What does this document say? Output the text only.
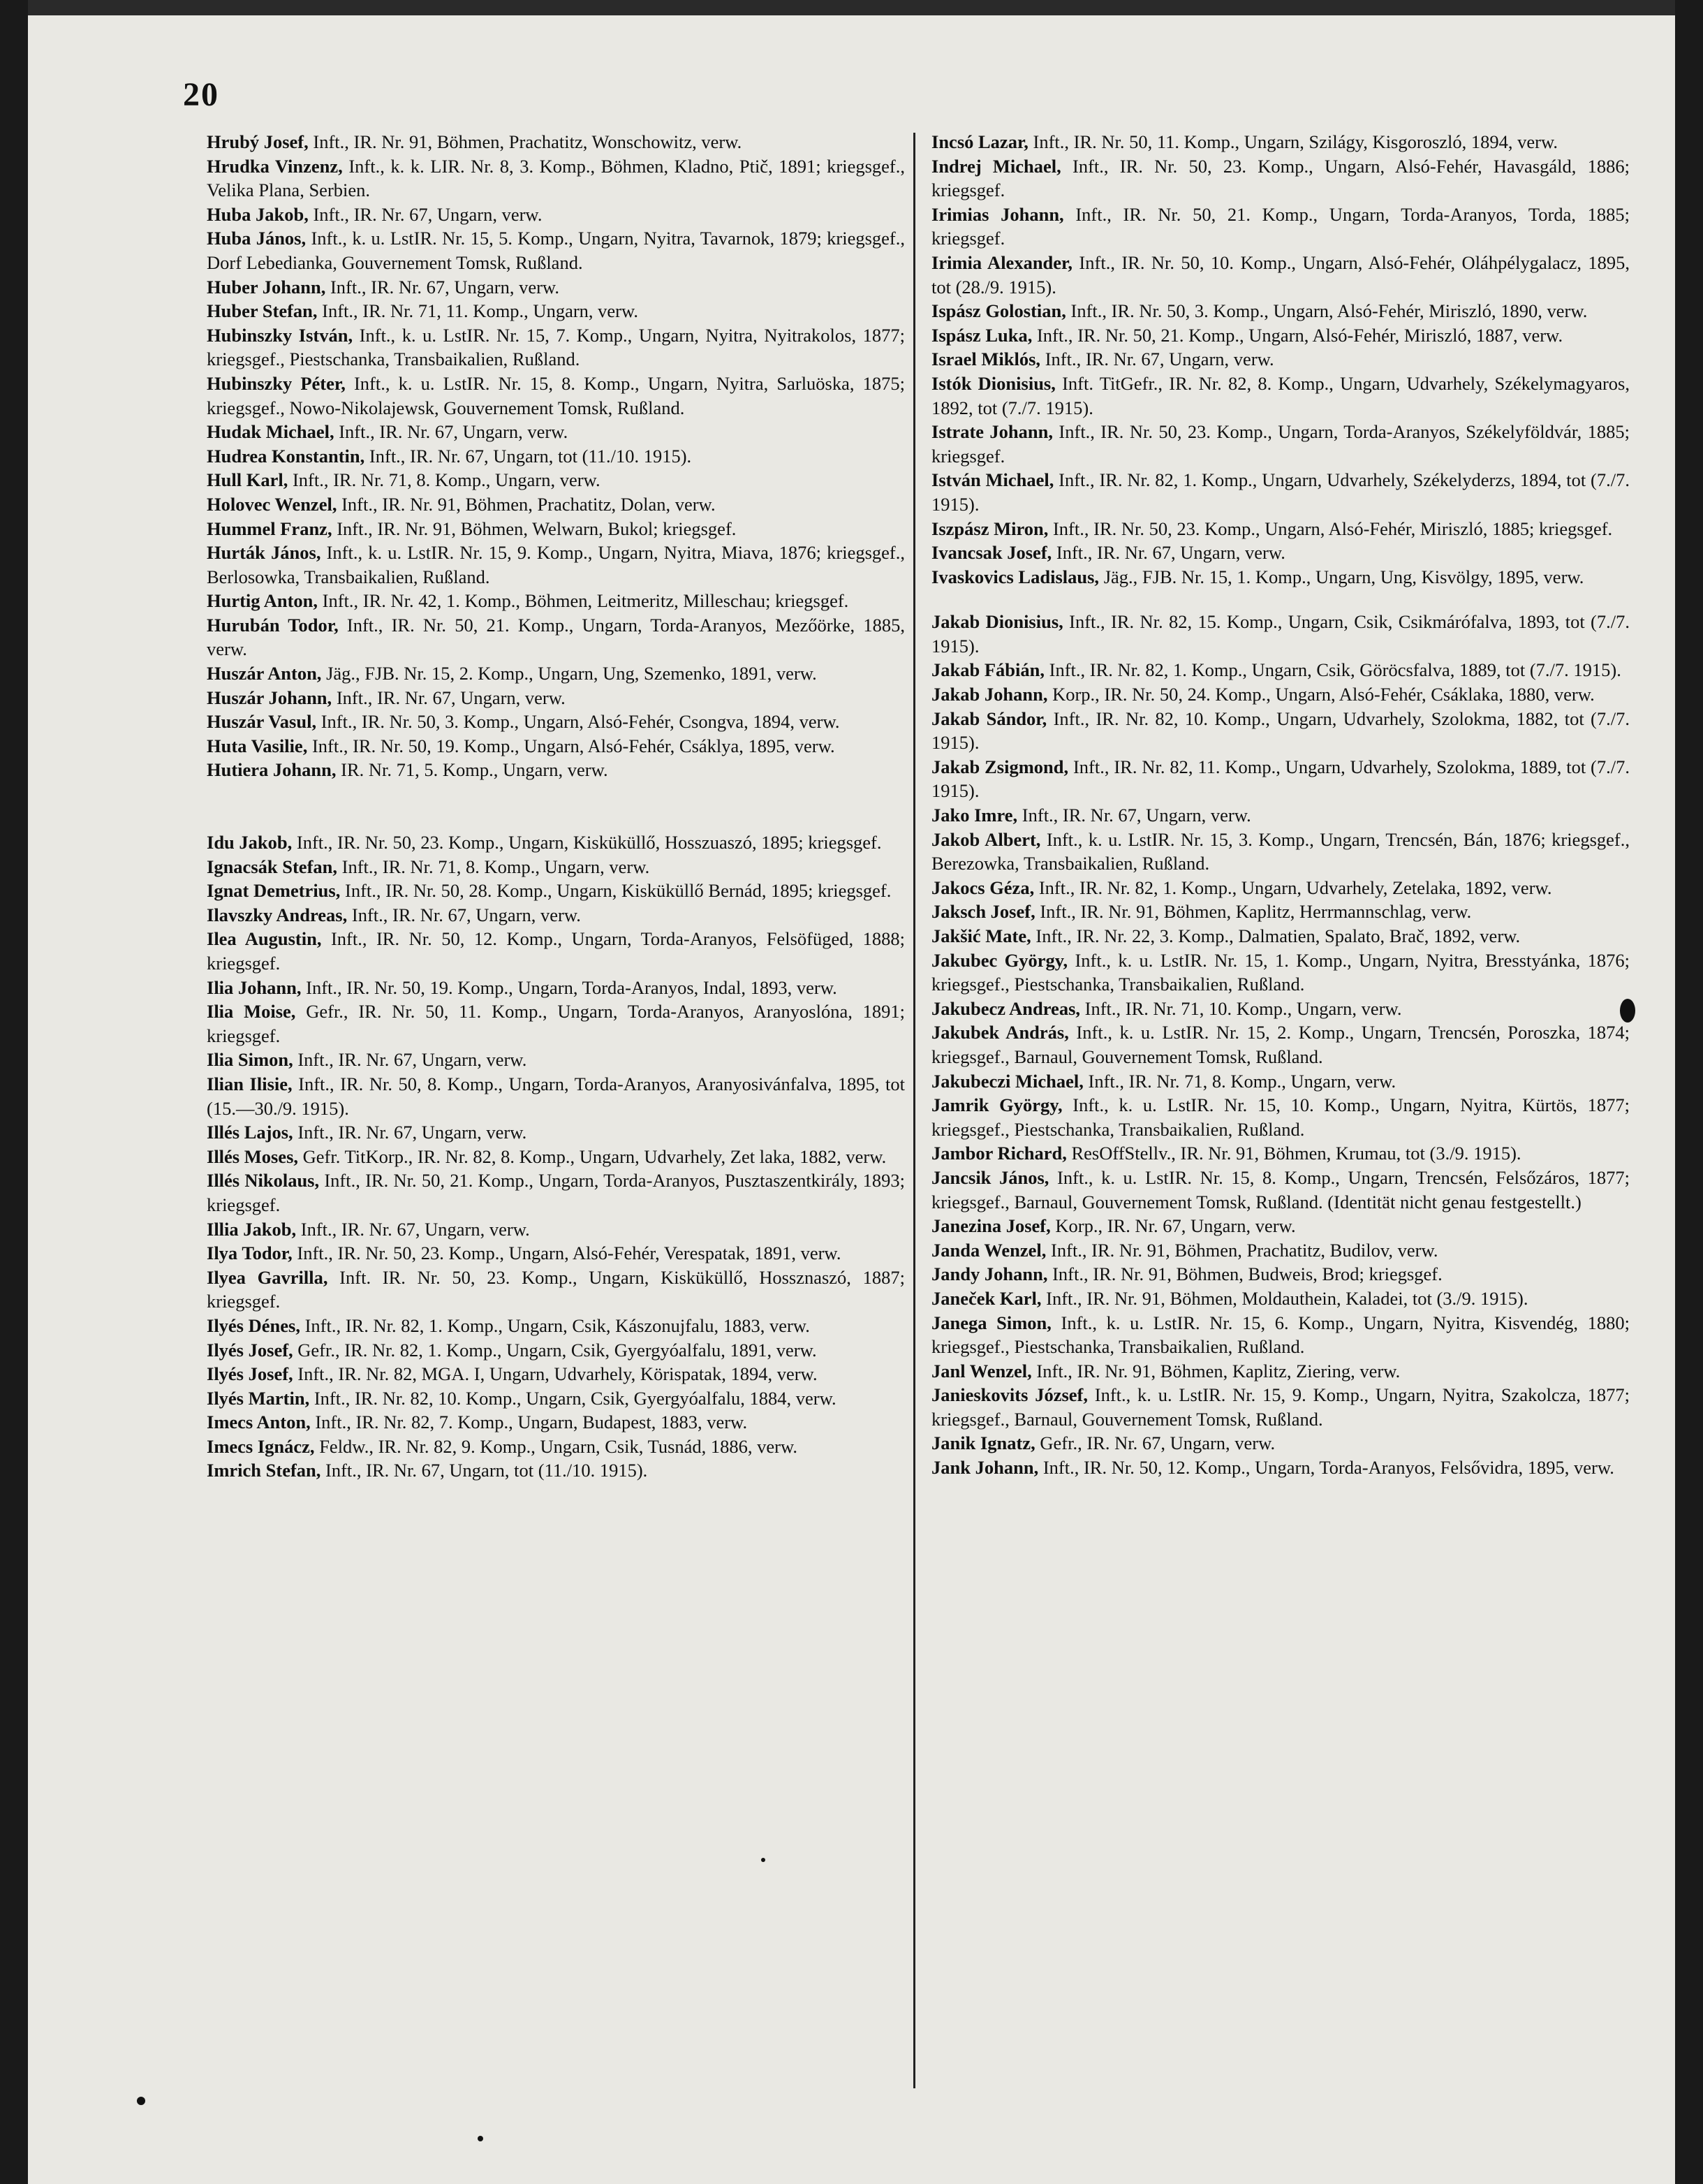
20

Hrubý Josef, Inft., IR. Nr. 91, Böhmen, Prachatitz, Wonschowitz, verw.

Hrudka Vinzenz, Inft., k. k. LIR. Nr. 8, 3. Komp., Böhmen, Kladno, Ptič, 1891; kriegsgef., Velika Plana, Serbien.

Huba Jakob, Inft., IR. Nr. 67, Ungarn, verw.

Huba János, Inft., k. u. LstIR. Nr. 15, 5. Komp., Ungarn, Nyitra, Tavarnok, 1879; kriegsgef., Dorf Lebedianka, Gouvernement Tomsk, Rußland.

Huber Johann, Inft., IR. Nr. 67, Ungarn, verw.

Huber Stefan, Inft., IR. Nr. 71, 11. Komp., Ungarn, verw.

Hubinszky István, Inft., k. u. LstIR. Nr. 15, 7. Komp., Ungarn, Nyitra, Nyitrakolos, 1877; kriegsgef., Piestschanka, Transbaikalien, Rußland.

Hubinszky Péter, Inft., k. u. LstIR. Nr. 15, 8. Komp., Ungarn, Nyitra, Sarluöska, 1875; kriegsgef., Nowo-Nikolajewsk, Gouvernement Tomsk, Rußland.

Hudak Michael, Inft., IR. Nr. 67, Ungarn, verw.

Hudrea Konstantin, Inft., IR. Nr. 67, Ungarn, tot (11./10. 1915).

Hull Karl, Inft., IR. Nr. 71, 8. Komp., Ungarn, verw.

Holovec Wenzel, Inft., IR. Nr. 91, Böhmen, Prachatitz, Dolan, verw.

Hummel Franz, Inft., IR. Nr. 91, Böhmen, Welwarn, Bukol; kriegsgef.

Hurták János, Inft., k. u. LstIR. Nr. 15, 9. Komp., Ungarn, Nyitra, Miava, 1876; kriegsgef., Berlosowka, Transbaikalien, Rußland.

Hurtig Anton, Inft., IR. Nr. 42, 1. Komp., Böhmen, Leitmeritz, Milleschau; kriegsgef.

Hurubán Todor, Inft., IR. Nr. 50, 21. Komp., Ungarn, Torda-Aranyos, Mezőörke, 1885, verw.

Huszár Anton, Jäg., FJB. Nr. 15, 2. Komp., Ungarn, Ung, Szemenko, 1891, verw.

Huszár Johann, Inft., IR. Nr. 67, Ungarn, verw.

Huszár Vasul, Inft., IR. Nr. 50, 3. Komp., Ungarn, Alsó-Fehér, Csongva, 1894, verw.

Huta Vasilie, Inft., IR. Nr. 50, 19. Komp., Ungarn, Alsó-Fehér, Csáklya, 1895, verw.

Hutiera Johann, IR. Nr. 71, 5. Komp., Ungarn, verw.

Idu Jakob, Inft., IR. Nr. 50, 23. Komp., Ungarn, Kisküküllő, Hosszuaszó, 1895; kriegsgef.

Ignacsák Stefan, Inft., IR. Nr. 71, 8. Komp., Ungarn, verw.

Ignat Demetrius, Inft., IR. Nr. 50, 28. Komp., Ungarn, Kisküküllő Bernád, 1895; kriegsgef.

Ilavszky Andreas, Inft., IR. Nr. 67, Ungarn, verw.

Ilea Augustin, Inft., IR. Nr. 50, 12. Komp., Ungarn, Torda-Aranyos, Felsöfüged, 1888; kriegsgef.

Ilia Johann, Inft., IR. Nr. 50, 19. Komp., Ungarn, Torda-Aranyos, Indal, 1893, verw.

Ilia Moise, Gefr., IR. Nr. 50, 11. Komp., Ungarn, Torda-Aranyos, Aranyoslóna, 1891; kriegsgef.

Ilia Simon, Inft., IR. Nr. 67, Ungarn, verw.

Ilian Ilisie, Inft., IR. Nr. 50, 8. Komp., Ungarn, Torda-Aranyos, Aranyosivánfalva, 1895, tot (15.—30./9. 1915).

Illés Lajos, Inft., IR. Nr. 67, Ungarn, verw.

Illés Moses, Gefr. TitKorp., IR. Nr. 82, 8. Komp., Ungarn, Udvarhely, Zet laka, 1882, verw.

Illés Nikolaus, Inft., IR. Nr. 50, 21. Komp., Ungarn, Torda-Aranyos, Pusztaszentkirály, 1893; kriegsgef.

Illia Jakob, Inft., IR. Nr. 67, Ungarn, verw.

Ilya Todor, Inft., IR. Nr. 50, 23. Komp., Ungarn, Alsó-Fehér, Verespatak, 1891, verw.

Ilyea Gavrilla, Inft. IR. Nr. 50, 23. Komp., Ungarn, Kisküküllő, Hossznaszó, 1887; kriegsgef.

Ilyés Dénes, Inft., IR. Nr. 82, 1. Komp., Ungarn, Csik, Kászonujfalu, 1883, verw.

Ilyés Josef, Gefr., IR. Nr. 82, 1. Komp., Ungarn, Csik, Gyergyóalfalu, 1891, verw.

Ilyés Josef, Inft., IR. Nr. 82, MGA. I, Ungarn, Udvarhely, Körispatak, 1894, verw.

Ilyés Martin, Inft., IR. Nr. 82, 10. Komp., Ungarn, Csik, Gyergyóalfalu, 1884, verw.

Imecs Anton, Inft., IR. Nr. 82, 7. Komp., Ungarn, Budapest, 1883, verw.

Imecs Ignácz, Feldw., IR. Nr. 82, 9. Komp., Ungarn, Csik, Tusnád, 1886, verw.

Imrich Stefan, Inft., IR. Nr. 67, Ungarn, tot (11./10. 1915).

Incsó Lazar, Inft., IR. Nr. 50, 11. Komp., Ungarn, Szilágy, Kisgoroszló, 1894, verw.

Indrej Michael, Inft., IR. Nr. 50, 23. Komp., Ungarn, Alsó-Fehér, Havasgáld, 1886; kriegsgef.

Irimias Johann, Inft., IR. Nr. 50, 21. Komp., Ungarn, Torda-Aranyos, Torda, 1885; kriegsgef.

Irimia Alexander, Inft., IR. Nr. 50, 10. Komp., Ungarn, Alsó-Fehér, Oláhpélygalacz, 1895, tot (28./9. 1915).

Ispász Golostian, Inft., IR. Nr. 50, 3. Komp., Ungarn, Alsó-Fehér, Miriszló, 1890, verw.

Ispász Luka, Inft., IR. Nr. 50, 21. Komp., Ungarn, Alsó-Fehér, Miriszló, 1887, verw.

Israel Miklós, Inft., IR. Nr. 67, Ungarn, verw.

Istók Dionisius, Inft. TitGefr., IR. Nr. 82, 8. Komp., Ungarn, Udvarhely, Székelymagyaros, 1892, tot (7./7. 1915).

Istrate Johann, Inft., IR. Nr. 50, 23. Komp., Ungarn, Torda-Aranyos, Székelyföldvár, 1885; kriegsgef.

István Michael, Inft., IR. Nr. 82, 1. Komp., Ungarn, Udvarhely, Székelyderzs, 1894, tot (7./7. 1915).

Iszpász Miron, Inft., IR. Nr. 50, 23. Komp., Ungarn, Alsó-Fehér, Miriszló, 1885; kriegsgef.

Ivancsak Josef, Inft., IR. Nr. 67, Ungarn, verw.

Ivaskovics Ladislaus, Jäg., FJB. Nr. 15, 1. Komp., Ungarn, Ung, Kisvölgy, 1895, verw.

Jakab Dionisius, Inft., IR. Nr. 82, 15. Komp., Ungarn, Csik, Csikmárófalva, 1893, tot (7./7. 1915).

Jakab Fábián, Inft., IR. Nr. 82, 1. Komp., Ungarn, Csik, Göröcsfalva, 1889, tot (7./7. 1915).

Jakab Johann, Korp., IR. Nr. 50, 24. Komp., Ungarn, Alsó-Fehér, Csáklaka, 1880, verw.

Jakab Sándor, Inft., IR. Nr. 82, 10. Komp., Ungarn, Udvarhely, Szolokma, 1882, tot (7./7. 1915).

Jakab Zsigmond, Inft., IR. Nr. 82, 11. Komp., Ungarn, Udvarhely, Szolokma, 1889, tot (7./7. 1915).

Jako Imre, Inft., IR. Nr. 67, Ungarn, verw.

Jakob Albert, Inft., k. u. LstIR. Nr. 15, 3. Komp., Ungarn, Trencsén, Bán, 1876; kriegsgef., Berezowka, Transbaikalien, Rußland.

Jakocs Géza, Inft., IR. Nr. 82, 1. Komp., Ungarn, Udvarhely, Zetelaka, 1892, verw.

Jaksch Josef, Inft., IR. Nr. 91, Böhmen, Kaplitz, Herrmannschlag, verw.

Jakšić Mate, Inft., IR. Nr. 22, 3. Komp., Dalmatien, Spalato, Brač, 1892, verw.

Jakubec György, Inft., k. u. LstIR. Nr. 15, 1. Komp., Ungarn, Nyitra, Bresstyánka, 1876; kriegsgef., Piestschanka, Transbaikalien, Rußland.

Jakubecz Andreas, Inft., IR. Nr. 71, 10. Komp., Ungarn, verw.

Jakubek András, Inft., k. u. LstIR. Nr. 15, 2. Komp., Ungarn, Trencsén, Poroszka, 1874; kriegsgef., Barnaul, Gouvernement Tomsk, Rußland.

Jakubeczi Michael, Inft., IR. Nr. 71, 8. Komp., Ungarn, verw.

Jamrik György, Inft., k. u. LstIR. Nr. 15, 10. Komp., Ungarn, Nyitra, Kürtös, 1877; kriegsgef., Piestschanka, Transbaikalien, Rußland.

Jambor Richard, ResOffStellv., IR. Nr. 91, Böhmen, Krumau, tot (3./9. 1915).

Jancsik János, Inft., k. u. LstIR. Nr. 15, 8. Komp., Ungarn, Trencsén, Felsőzáros, 1877; kriegsgef., Barnaul, Gouvernement Tomsk, Rußland. (Identität nicht genau festgestellt.)

Janezina Josef, Korp., IR. Nr. 67, Ungarn, verw.

Janda Wenzel, Inft., IR. Nr. 91, Böhmen, Prachatitz, Budilov, verw.

Jandy Johann, Inft., IR. Nr. 91, Böhmen, Budweis, Brod; kriegsgef.

Janeček Karl, Inft., IR. Nr. 91, Böhmen, Moldauthein, Kaladei, tot (3./9. 1915).

Janega Simon, Inft., k. u. LstIR. Nr. 15, 6. Komp., Ungarn, Nyitra, Kisvendég, 1880; kriegsgef., Piestschanka, Transbaikalien, Rußland.

Janl Wenzel, Inft., IR. Nr. 91, Böhmen, Kaplitz, Ziering, verw.

Janieskovits József, Inft., k. u. LstIR. Nr. 15, 9. Komp., Ungarn, Nyitra, Szakolcza, 1877; kriegsgef., Barnaul, Gouvernement Tomsk, Rußland.

Janik Ignatz, Gefr., IR. Nr. 67, Ungarn, verw.

Jank Johann, Inft., IR. Nr. 50, 12. Komp., Ungarn, Torda-Aranyos, Felsővidra, 1895, verw.
